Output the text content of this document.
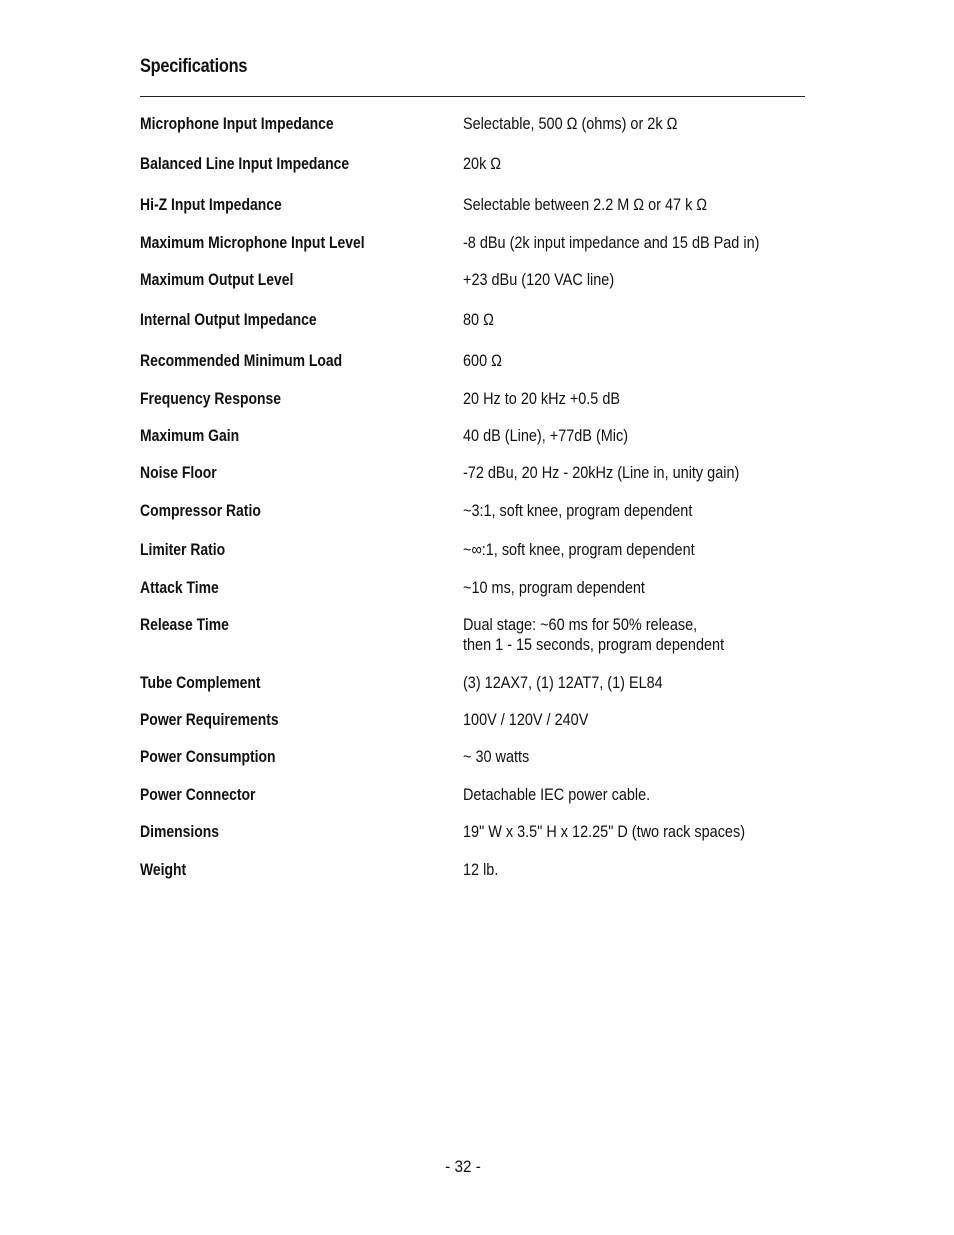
Specifications
Microphone Input Impedance	Selectable, 500 Ω (ohms) or 2k Ω
Balanced Line Input Impedance	20k Ω
Hi-Z Input Impedance	Selectable between 2.2 M Ω or 47 k Ω
Maximum Microphone Input Level	-8 dBu (2k input impedance and 15 dB Pad in)
Maximum Output Level	+23 dBu (120 VAC line)
Internal Output Impedance	80 Ω
Recommended Minimum Load	600 Ω
Frequency Response	20 Hz to 20 kHz +0.5 dB
Maximum Gain	40 dB (Line), +77dB (Mic)
Noise Floor	-72 dBu, 20 Hz - 20kHz (Line in, unity gain)
Compressor Ratio	~3:1, soft knee, program dependent
Limiter Ratio	~∞:1, soft knee, program dependent
Attack Time	~10 ms, program dependent
Release Time	Dual stage: ~60 ms for 50% release,
then 1 - 15 seconds, program dependent
Tube Complement	(3) 12AX7, (1) 12AT7, (1) EL84
Power Requirements	100V / 120V / 240V
Power Consumption	~ 30 watts
Power Connector	Detachable IEC power cable.
Dimensions	19" W x 3.5" H x 12.25" D (two rack spaces)
Weight	12 lb.
- 32 -
